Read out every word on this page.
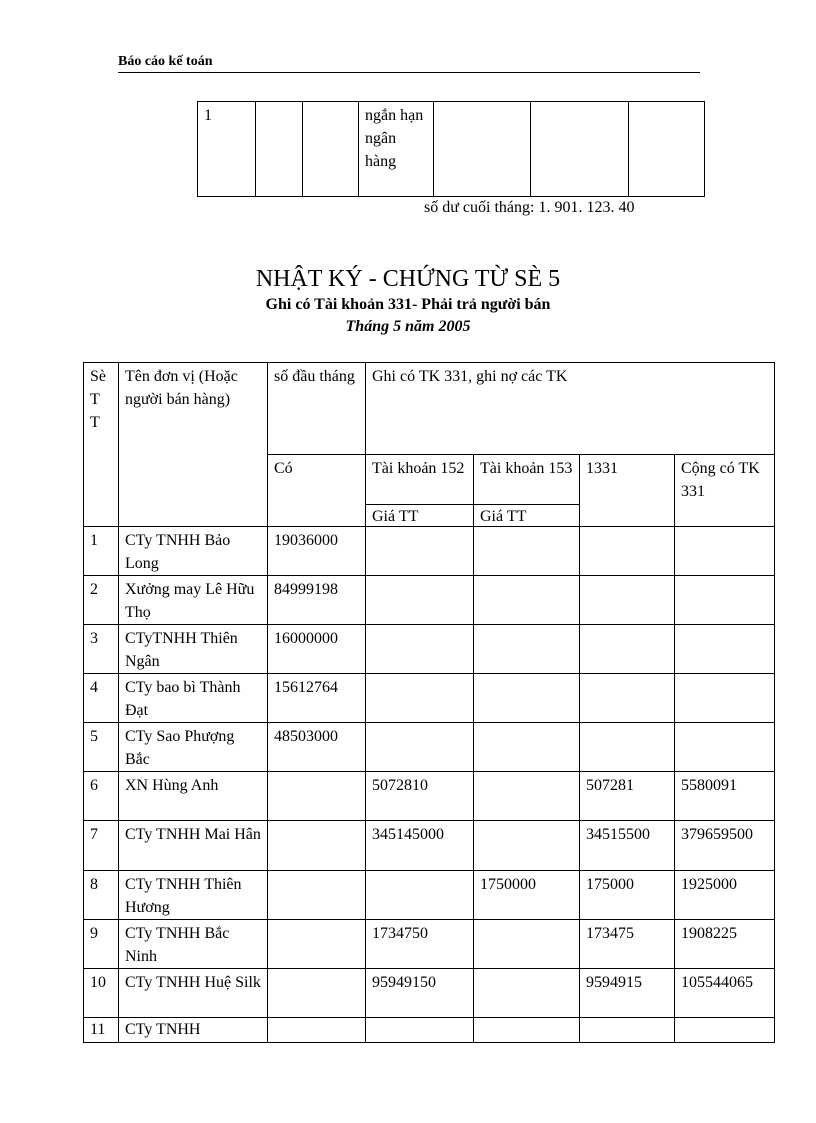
Báo cáo kế toán
1			ngắn hạn ngân hàng			
số dư cuối tháng: 1. 901. 123. 40
NHẬT KÝ - CHỨNG TỪ SÈ 5
Ghi có Tài khoản 331- Phải trả người bán
Tháng 5 năm 2005
Sè T T	Tên đơn vị (Hoặc người bán hàng)	số đầu tháng	Ghi có TK 331, ghi nợ các TK			
		Có	Tài khoản 152	Tài khoản 153	1331	Cộng có TK 331
			Giá TT	Giá TT		
1	CTy TNHH Bảo Long	19036000				
2	Xưởng may Lê Hữu Thọ	84999198				
3	CTyTNHH Thiên Ngân	16000000				
4	CTy bao bì Thành Đạt	15612764				
5	CTy Sao Phượng Bắc	48503000				
6	XN Hùng Anh		5072810		507281	5580091
7	CTy TNHH Mai Hân		345145000		34515500	379659500
8	CTy TNHH Thiên Hương			1750000	175000	1925000
9	CTy TNHH Bắc Ninh		1734750		173475	1908225
10	CTy TNHH Huệ Silk		95949150		9594915	105544065
11	CTy TNHH					
